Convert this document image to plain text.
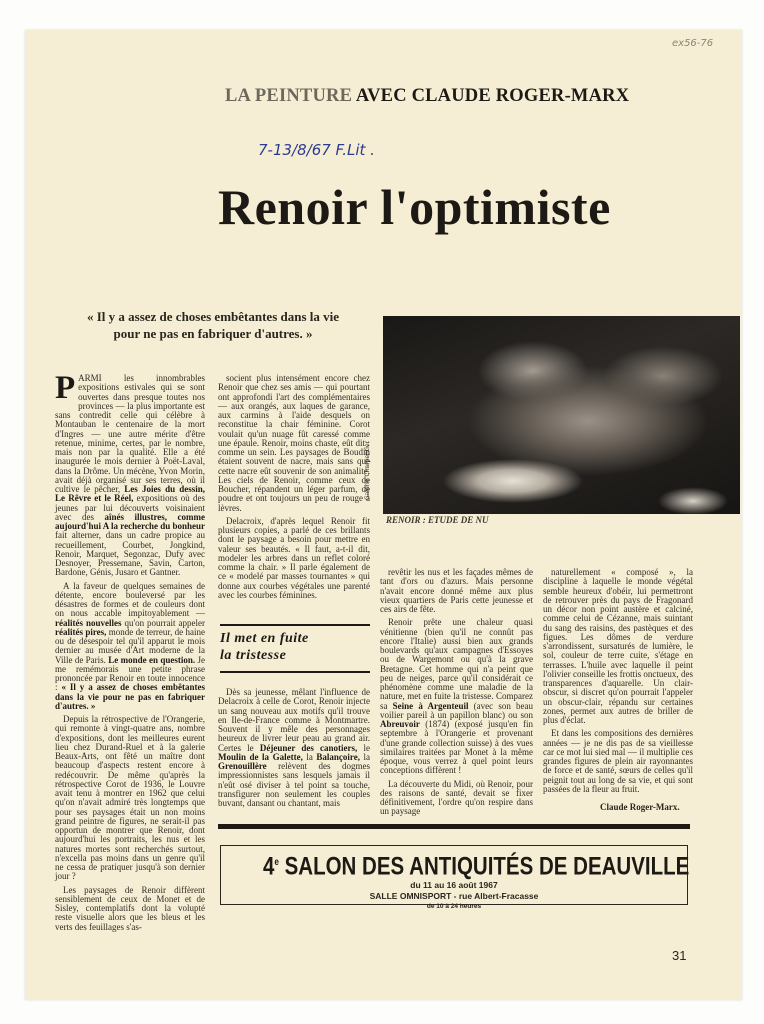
ex56-76
LA PEINTURE AVEC CLAUDE ROGER-MARX
7-13/8/67 F.Lit .
Renoir l'optimiste
« Il y a assez de choses embêtantes dans la vie pour ne pas en fabriquer d'autres. »
Galerie Charpentier
RENOIR : ETUDE DE NU

PARMI les innombrables expositions estivales qui se sont ouvertes dans presque toutes nos provinces — la plus importante est sans contredit celle qui célèbre à Montauban le centenaire de la mort d'Ingres — une autre mérite d'être retenue, minime, certes, par le nombre, mais non par la qualité. Elle a été inaugurée le mois dernier à Poët-Laval, dans la Drôme. Un mécène, Yvon Morin, avait déjà organisé sur ses terres, où il cultive le pêcher, Les Joies du dessin, Le Rêvre et le Réel, expositions où des jeunes par lui découverts voisinaient avec des aînés illustres, comme aujourd'hui A la recherche du bonheur fait alterner, dans un cadre propice au recueillement, Courbet, Jongkind, Renoir, Marquet, Segonzac, Dufy avec Desnoyer, Pressemane, Savin, Carton, Bardone, Génis, Jusaro et Gantner.

A la faveur de quelques semaines de détente, encore bouleversé par les désastres de formes et de couleurs dont on nous accable impitoyablement — réalités nouvelles qu'on pourrait appeler réalités pires, monde de terreur, de haine ou de désespoir tel qu'il apparut le mois dernier au musée d'Art moderne de la Ville de Paris. Le monde en question. Je me remémorais une petite phrase prononcée par Renoir en toute innocence : « Il y a assez de choses embêtantes dans la vie pour ne pas en fabriquer d'autres. »

Depuis la rétrospective de l'Orangerie, qui remonte à vingt-quatre ans, nombre d'expositions, dont les meilleures eurent lieu chez Durand-Ruel et à la galerie Beaux-Arts, ont fêté un maître dont beaucoup d'aspects restent encore à redécouvrir. De même qu'après la rétrospective Corot de 1936, le Louvre avait tenu à montrer en 1962 que celui qu'on n'avait admiré très longtemps que pour ses paysages était un non moins grand peintre de figures, ne serait-il pas opportun de montrer que Renoir, dont aujourd'hui les portraits, les nus et les natures mortes sont recherchés surtout, n'excella pas moins dans un genre qu'il ne cessa de pratiquer jusqu'à son dernier jour ?

Les paysages de Renoir diffèrent sensiblement de ceux de Monet et de Sisley, contemplatifs dont la volupté reste visuelle alors que les bleus et les verts des feuillages s'as-

socient plus intensément encore chez Renoir que chez ses amis — qui pourtant ont approfondi l'art des complémentaires — aux orangés, aux laques de garance, aux carmins à l'aide desquels on reconstitue la chair féminine. Corot voulait qu'un nuage fût caressé comme une épaule. Renoir, moins chaste, eût dit : comme un sein. Les paysages de Boudin étaient souvent de nacre, mais sans que cette nacre eût souvenir de son animalité. Les ciels de Renoir, comme ceux de Boucher, répandent un léger parfum, de poudre et ont toujours un peu de rouge à lèvres.

Delacroix, d'après lequel Renoir fit plusieurs copies, a parlé de ces brillants dont le paysage a besoin pour mettre en valeur ses beautés. « Il faut, a-t-il dit, modeler les arbres dans un reflet coloré comme la chair. » Il parle également de ce « modelé par masses tournantes » qui donne aux courbes végétales une parenté avec les courbes féminines.

Il met en fuite
la tristesse

Dès sa jeunesse, mêlant l'influence de Delacroix à celle de Corot, Renoir injecte un sang nouveau aux motifs qu'il trouve en Ile-de-France comme à Montmartre. Souvent il y mêle des personnages heureux de livrer leur peau au grand air. Certes le Déjeuner des canotiers, le Moulin de la Galette, la Balançoire, la Grenouillère relèvent des dogmes impressionnistes sans lesquels jamais il n'eût osé diviser à tel point sa touche, transfigurer non seulement les couples buvant, dansant ou chantant, mais

revêtir les nus et les façades mêmes de tant d'ors ou d'azurs. Mais personne n'avait encore donné même aux plus vieux quartiers de Paris cette jeunesse et ces airs de fête.

Renoir prête une chaleur quasi vénitienne (bien qu'il ne connût pas encore l'Italie) aussi bien aux grands boulevards qu'aux campagnes d'Essoyes ou de Wargemont ou qu'à la grave Bretagne. Cet homme qui n'a peint que peu de neiges, parce qu'il considérait ce phénomène comme une maladie de la nature, met en fuite la tristesse. Comparez sa Seine à Argenteuil (avec son beau voilier pareil à un papillon blanc) ou son Abreuvoir (1874) (exposé jusqu'en fin septembre à l'Orangerie et provenant d'une grande collection suisse) à des vues similaires traitées par Monet à la même époque, vous verrez à quel point leurs conceptions diffèrent !

La découverte du Midi, où Renoir, pour des raisons de santé, devait se fixer définitivement, l'ordre qu'on respire dans un paysage

naturellement « composé », la discipline à laquelle le monde végétal semble heureux d'obéir, lui permettront de retrouver près du pays de Fragonard un décor non point austère et calciné, comme celui de Cézanne, mais suintant du sang des raisins, des pastèques et des figues. Les dômes de verdure s'arrondissent, sursaturés de lumière, le sol, couleur de terre cuite, s'étage en terrasses. L'huile avec laquelle il peint l'olivier conseille les frottis onctueux, des transparences d'aquarelle. Un clair-obscur, si discret qu'on pourrait l'appeler un obscur-clair, répandu sur certaines zones, permet aux autres de briller de plus d'éclat.

Et dans les compositions des dernières années — je ne dis pas de sa vieillesse car ce mot lui sied mal — il multiplie ces grandes figures de plein air rayonnantes de force et de santé, sœurs de celles qu'il peignit tout au long de sa vie, et qui sont passées de la fleur au fruit.

Claude Roger-Marx.
4e SALON DES ANTIQUITÉS DE DEAUVILLE
du 11 au 16 août 1967
SALLE OMNISPORT - rue Albert-Fracasse
de 10 à 24 heures
31
